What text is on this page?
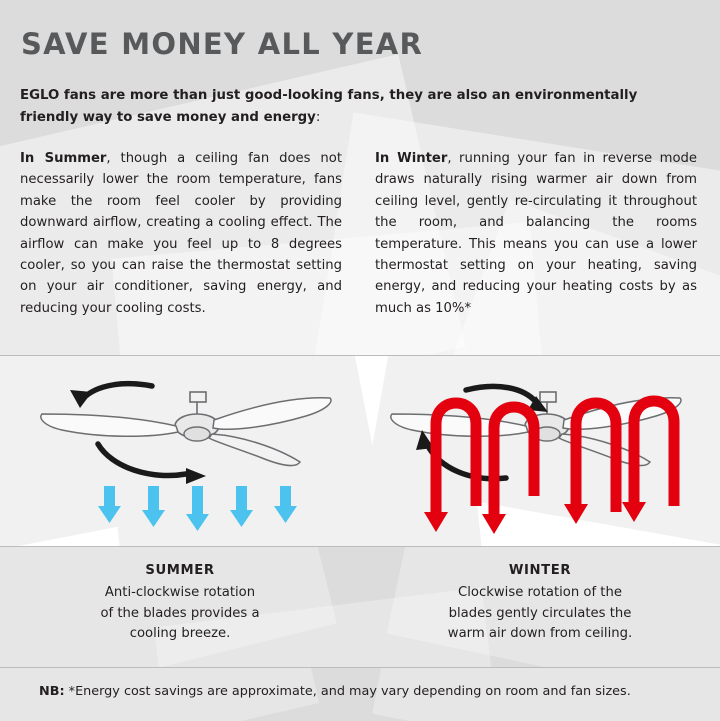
SAVE MONEY ALL YEAR

EGLO fans are more than just good-looking fans, they are also an environmentally friendly way to save money and energy:

In Summer, though a ceiling fan does not necessarily lower the room temperature, fans make the room feel cooler by providing downward airflow, creating a cooling effect. The airflow can make you feel up to 8 degrees cooler, so you can raise the thermostat setting on your air conditioner, saving energy, and reducing your cooling costs.
In Winter, running your fan in reverse mode draws naturally rising warmer air down from ceiling level, gently re-circulating it throughout the room, and balancing the rooms temperature. This means you can use a lower thermostat setting on your heating, saving energy, and reducing your heating costs by as much as 10%*
SUMMER
Anti-clockwise rotation
of the blades provides a
cooling breeze.
WINTER
Clockwise rotation of the
blades gently circulates the
warm air down from ceiling.
NB: *Energy cost savings are approximate, and may vary depending on room and fan sizes.
